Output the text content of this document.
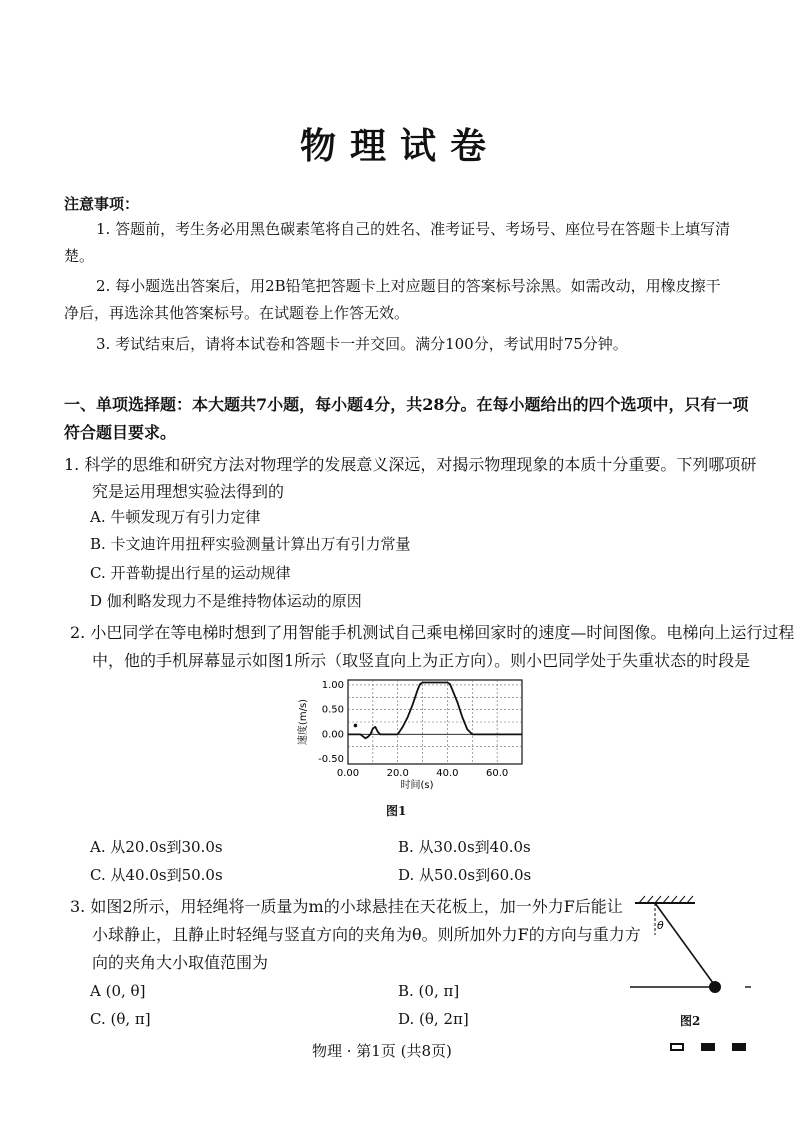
物理试卷
注意事项：
1. 答题前，考生务必用黑色碳素笔将自己的姓名、准考证号、考场号、座位号在答题卡上填写清
楚。
2. 每小题选出答案后，用2B铅笔把答题卡上对应题目的答案标号涂黑。如需改动，用橡皮擦干
净后，再选涂其他答案标号。在试题卷上作答无效。
3. 考试结束后，请将本试卷和答题卡一并交回。满分100分，考试用时75分钟。
一、单项选择题：本大题共7小题，每小题4分，共28分。在每小题给出的四个选项中，只有一项
符合题目要求。
1. 科学的思维和研究方法对物理学的发展意义深远，对揭示物理现象的本质十分重要。下列哪项研
究是运用理想实验法得到的
A. 牛顿发现万有引力定律
B. 卡文迪许用扭秤实验测量计算出万有引力常量
C. 开普勒提出行星的运动规律
D 伽利略发现力不是维持物体运动的原因
2. 小巴同学在等电梯时想到了用智能手机测试自己乘电梯回家时的速度—时间图像。电梯向上运行过程
中，他的手机屏幕显示如图1所示（取竖直向上为正方向）。则小巴同学处于失重状态的时段是
0.00	20.0	40.0	60.0
1.00
0.50
0.00
-0.50
时间(s)
速度(m/s)
图1
A. 从20.0s到30.0s	B. 从30.0s到40.0s
C. 从40.0s到50.0s	D. 从50.0s到60.0s
3. 如图2所示，用轻绳将一质量为m的小球悬挂在天花板上，加一外力F后能让
小球静止，且静止时轻绳与竖直方向的夹角为θ。则所加外力F的方向与重力方
向的夹角大小取值范围为
A (0, θ]	B. (0, π]
C. (θ, π]	D. (θ, 2π]
θ
图2
物理 · 第1页 (共8页)
